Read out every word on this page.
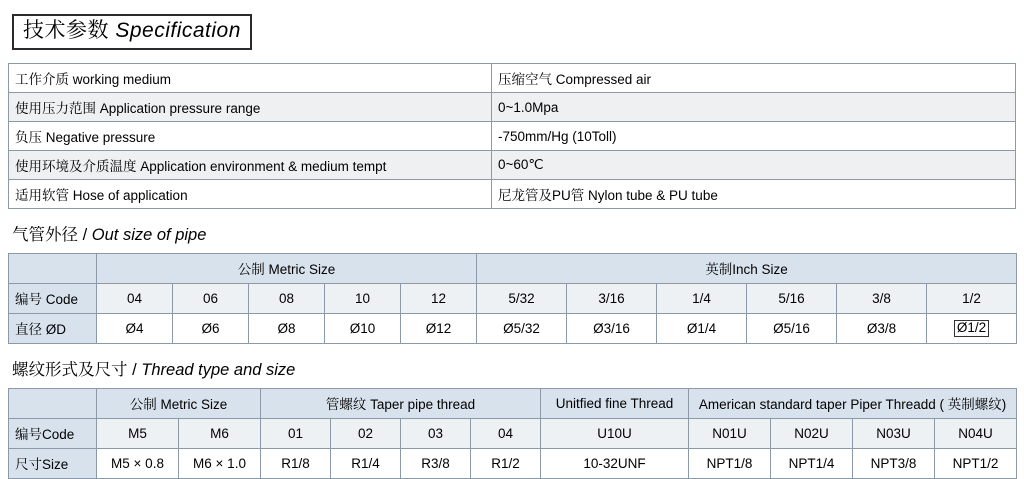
技术参数 Specification
工作介质 working medium	压缩空气 Compressed air
使用压力范围 Application pressure range	0~1.0Mpa
负压 Negative pressure	-750mm/Hg (10Toll)
使用环境及介质温度 Application environment & medium tempt	0~60℃
适用软管 Hose of application	尼龙管及PU管 Nylon tube & PU tube
气管外径 / Out size of pipe
	公制 Metric Size					英制Inch Size					
编号 Code	04	06	08	10	12	5/32	3/16	1/4	5/16	3/8	1/2
直径 ØD	Ø4	Ø6	Ø8	Ø10	Ø12	Ø5/32	Ø3/16	Ø1/4	Ø5/16	Ø3/8	Ø1/2
螺纹形式及尺寸 / Thread type and size
	公制 Metric Size		管螺纹 Taper pipe thread				Unitfied fine Thread	American standard taper Piper Threadd ( 英制螺纹)			
编号Code	M5	M6	01	02	03	04	U10U	N01U	N02U	N03U	N04U
尺寸Size	M5 × 0.8	M6 × 1.0	R1/8	R1/4	R3/8	R1/2	10-32UNF	NPT1/8	NPT1/4	NPT3/8	NPT1/2
